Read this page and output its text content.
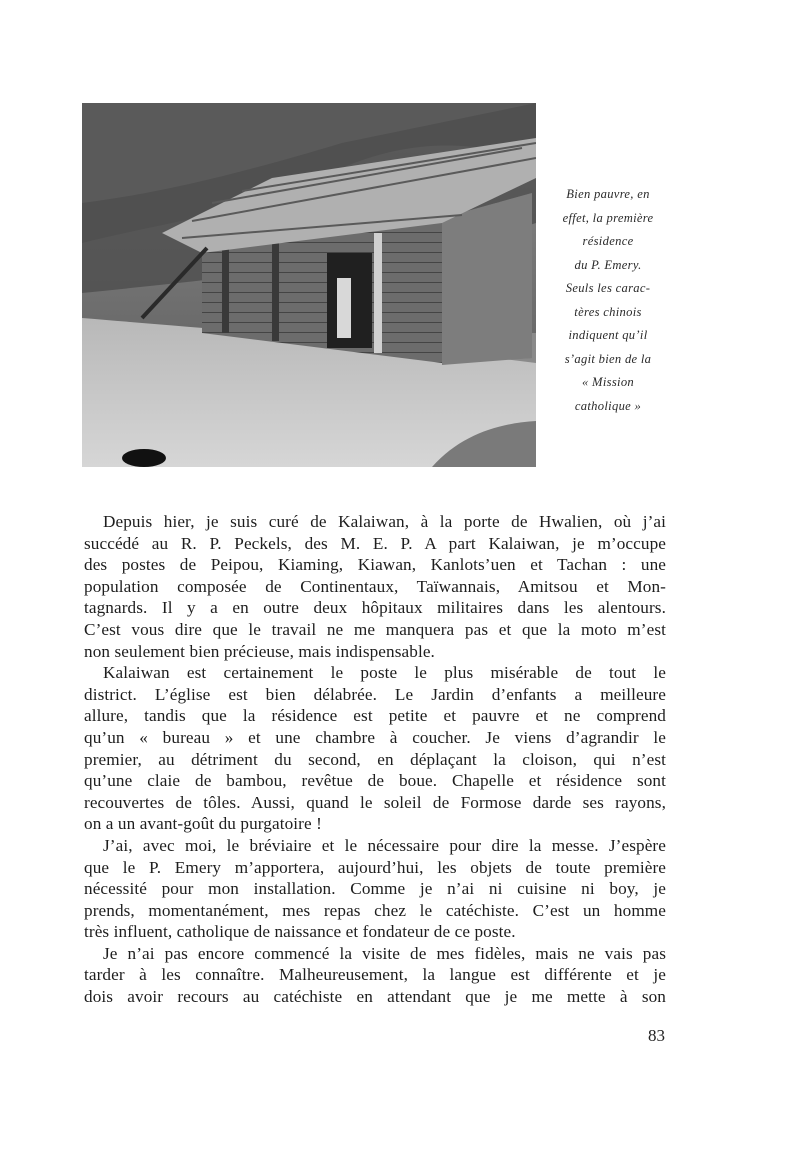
Bien pauvre, en
effet, la première
résidence
du P. Emery.
Seuls les carac-
tères chinois
indiquent qu’il
s’agit bien de la
« Mission
catholique »
Depuis hier, je suis curé de Kalaiwan, à la porte de Hwalien, où j’ai
succédé au R. P. Peckels, des M. E. P. A part Kalaiwan, je m’occupe
des postes de Peipou, Kiaming, Kiawan, Kanlots’uen et Tachan : une
population composée de Continentaux, Taïwannais, Amitsou et Mon-
tagnards. Il y a en outre deux hôpitaux militaires dans les alentours.
C’est vous dire que le travail ne me manquera pas et que la moto m’est
non seulement bien précieuse, mais indispensable.
Kalaiwan est certainement le poste le plus misérable de tout le
district. L’église est bien délabrée. Le Jardin d’enfants a meilleure
allure, tandis que la résidence est petite et pauvre et ne comprend
qu’un « bureau » et une chambre à coucher. Je viens d’agrandir le
premier, au détriment du second, en déplaçant la cloison, qui n’est
qu’une claie de bambou, revêtue de boue. Chapelle et résidence sont
recouvertes de tôles. Aussi, quand le soleil de Formose darde ses rayons,
on a un avant-goût du purgatoire !
J’ai, avec moi, le bréviaire et le nécessaire pour dire la messe. J’espère
que le P. Emery m’apportera, aujourd’hui, les objets de toute première
nécessité pour mon installation. Comme je n’ai ni cuisine ni boy, je
prends, momentanément, mes repas chez le catéchiste. C’est un homme
très influent, catholique de naissance et fondateur de ce poste.
Je n’ai pas encore commencé la visite de mes fidèles, mais ne vais pas
tarder à les connaître. Malheureusement, la langue est différente et je
dois avoir recours au catéchiste en attendant que je me mette à son
83
